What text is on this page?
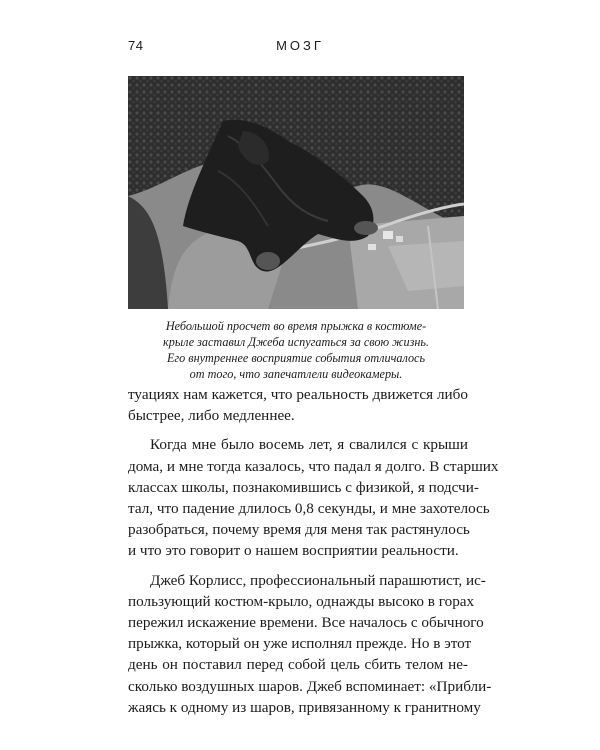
74	МОЗГ
Небольшой просчет во время прыжка в костюме-
крыле заставил Джеба испугаться за свою жизнь.
Его внутреннее восприятие события отличалось
от того, что запечатлели видеокамеры.

туациях нам кажется, что реальность движется либо
быстрее, либо медленнее.

Когда мне было восемь лет, я свалился с крыши
дома, и мне тогда казалось, что падал я долго. В старших
классах школы, познакомившись с физикой, я подсчи-
тал, что падение длилось 0,8 секунды, и мне захотелось
разобраться, почему время для меня так растянулось
и что это говорит о нашем восприятии реальности.

Джеб Корлисс, профессиональный парашютист, ис-
пользующий костюм-крыло, однажды высоко в горах
пережил искажение времени. Все началось с обычного
прыжка, который он уже исполнял прежде. Но в этот
день он поставил перед собой цель сбить телом не-
сколько воздушных шаров. Джеб вспоминает: «Прибли-
жаясь к одному из шаров, привязанному к гранитному
